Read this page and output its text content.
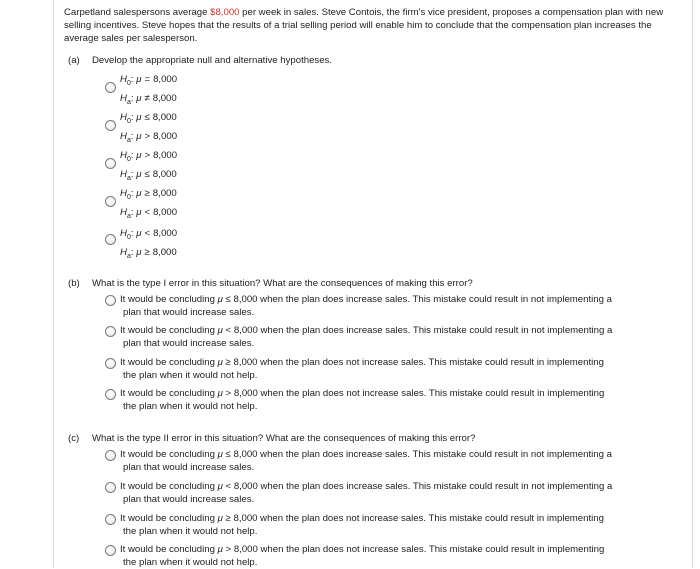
Carpetland salespersons average $8,000 per week in sales. Steve Contois, the firm's vice president, proposes a compensation plan with new selling incentives. Steve hopes that the results of a trial selling period will enable him to conclude that the compensation plan increases the average sales per salesperson.
(a) Develop the appropriate null and alternative hypotheses.
$H_0$: μ = 8,000
$H_a$: μ ≠ 8,000
$H_0$: μ ≤ 8,000
$H_a$: μ > 8,000
$H_0$: μ > 8,000
$H_a$: μ ≤ 8,000
$H_0$: μ ≥ 8,000
$H_a$: μ < 8,000
$H_0$: μ < 8,000
$H_a$: μ ≥ 8,000
(b) What is the type I error in this situation? What are the consequences of making this error?
It would be concluding μ ≤ 8,000 when the plan does increase sales. This mistake could result in not implementing a
plan that would increase sales.
It would be concluding μ < 8,000 when the plan does increase sales. This mistake could result in not implementing a
plan that would increase sales.
It would be concluding μ ≥ 8,000 when the plan does not increase sales. This mistake could result in implementing
the plan when it would not help.
It would be concluding μ > 8,000 when the plan does not increase sales. This mistake could result in implementing
the plan when it would not help.
(c) What is the type II error in this situation? What are the consequences of making this error?
It would be concluding μ ≤ 8,000 when the plan does increase sales. This mistake could result in not implementing a
plan that would increase sales.
It would be concluding μ < 8,000 when the plan does increase sales. This mistake could result in not implementing a
plan that would increase sales.
It would be concluding μ ≥ 8,000 when the plan does not increase sales. This mistake could result in implementing
the plan when it would not help.
It would be concluding μ > 8,000 when the plan does not increase sales. This mistake could result in implementing
the plan when it would not help.
